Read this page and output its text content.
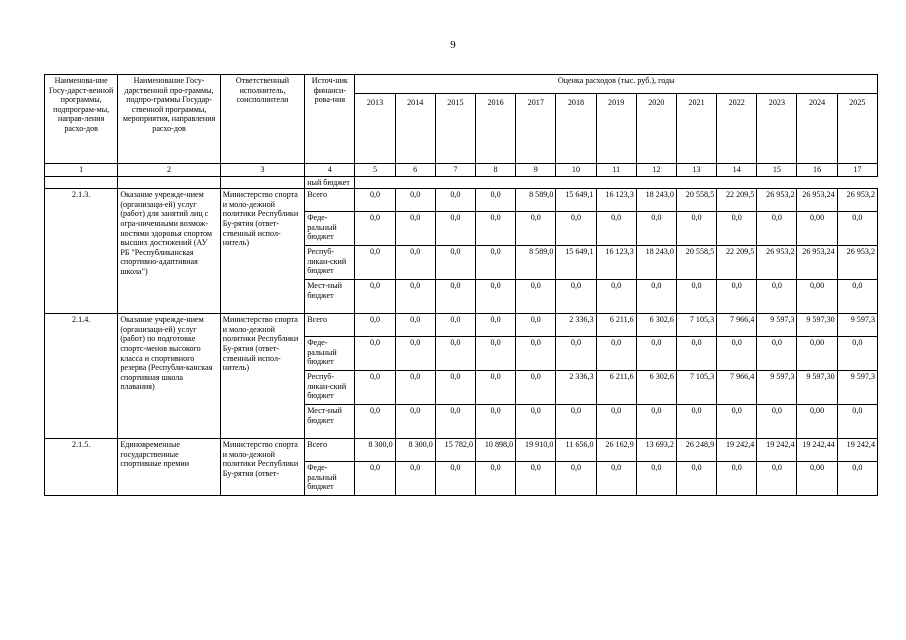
9
Наименова-ние Госу-дарст-венной программы, подпрограм-мы, направ-ления расхо-дов	Наименование Госу-дарственной про-граммы, подпро-граммы Государ-ственной программы, мероприятия, направления расхо-дов	Ответственный исполнитель, соисполнители	Источ-ник финанси-рова-ния	Оценка расходов (тыс. руб.), годы												
				2013	2014	2015	2016	2017	2018	2019	2020	2021	2022	2023	2024	2025
1	2	3	4	5	6	7	8	9	10	11	12	13	14	15	16	17
			ный бюджет													
2.1.3.	Оказание учрежде-нием (организаци-ей) услуг (работ) для занятий лиц с огра-ниченными возмож-ностями здоровья спортом высших достижений (АУ РБ "Республиканская спортивно-адаптивная школа")	Министерство спорта и моло-дежной политики Республики Бу-рятия (ответ-ственный испол-нитель)	Всего	0,0	0,0	0,0	0,0	8 589,0	15 649,1	16 123,3	18 243,0	20 558,5	22 209,5	26 953,2	26 953,24	26 953,2
			Феде-ральный бюджет	0,0	0,0	0,0	0,0	0,0	0,0	0,0	0,0	0,0	0,0	0,0	0,00	0,0
			Респуб-ликан-ский бюджет	0,0	0,0	0,0	0,0	8 589,0	15 649,1	16 123,3	18 243,0	20 558,5	22 209,5	26 953,2	26 953,24	26 953,2
			Мест-ный бюджет	0,0	0,0	0,0	0,0	0,0	0,0	0,0	0,0	0,0	0,0	0,0	0,00	0,0
2.1.4.	Оказание учрежде-нием (организаци-ей) услуг (работ) по подготовке спортс-менов высокого класса и спортивного резерва (Республи-канская спортивная школа плавания)	Министерство спорта и моло-дежной политики Республики Бу-рятия (ответ-ственный испол-нитель)	Всего	0,0	0,0	0,0	0,0	0,0	2 336,3	6 211,6	6 302,6	7 105,3	7 966,4	9 597,3	9 597,30	9 597,3
			Феде-ральный бюджет	0,0	0,0	0,0	0,0	0,0	0,0	0,0	0,0	0,0	0,0	0,0	0,00	0,0
			Респуб-ликан-ский бюджет	0,0	0,0	0,0	0,0	0,0	2 336,3	6 211,6	6 302,6	7 105,3	7 966,4	9 597,3	9 597,30	9 597,3
			Мест-ный бюджет	0,0	0,0	0,0	0,0	0,0	0,0	0,0	0,0	0,0	0,0	0,0	0,00	0,0
2.1.5.	Единовременные государственные спортивные премии	Министерство спорта и моло-дежной политики Республики Бу-рятия (ответ-	Всего	8 300,0	8 300,0	15 782,0	10 898,0	19 910,0	11 656,0	26 162,9	13 693,2	26 248,9	19 242,4	19 242,4	19 242,44	19 242,4
			Феде-ральный бюджет	0,0	0,0	0,0	0,0	0,0	0,0	0,0	0,0	0,0	0,0	0,0	0,00	0,0
